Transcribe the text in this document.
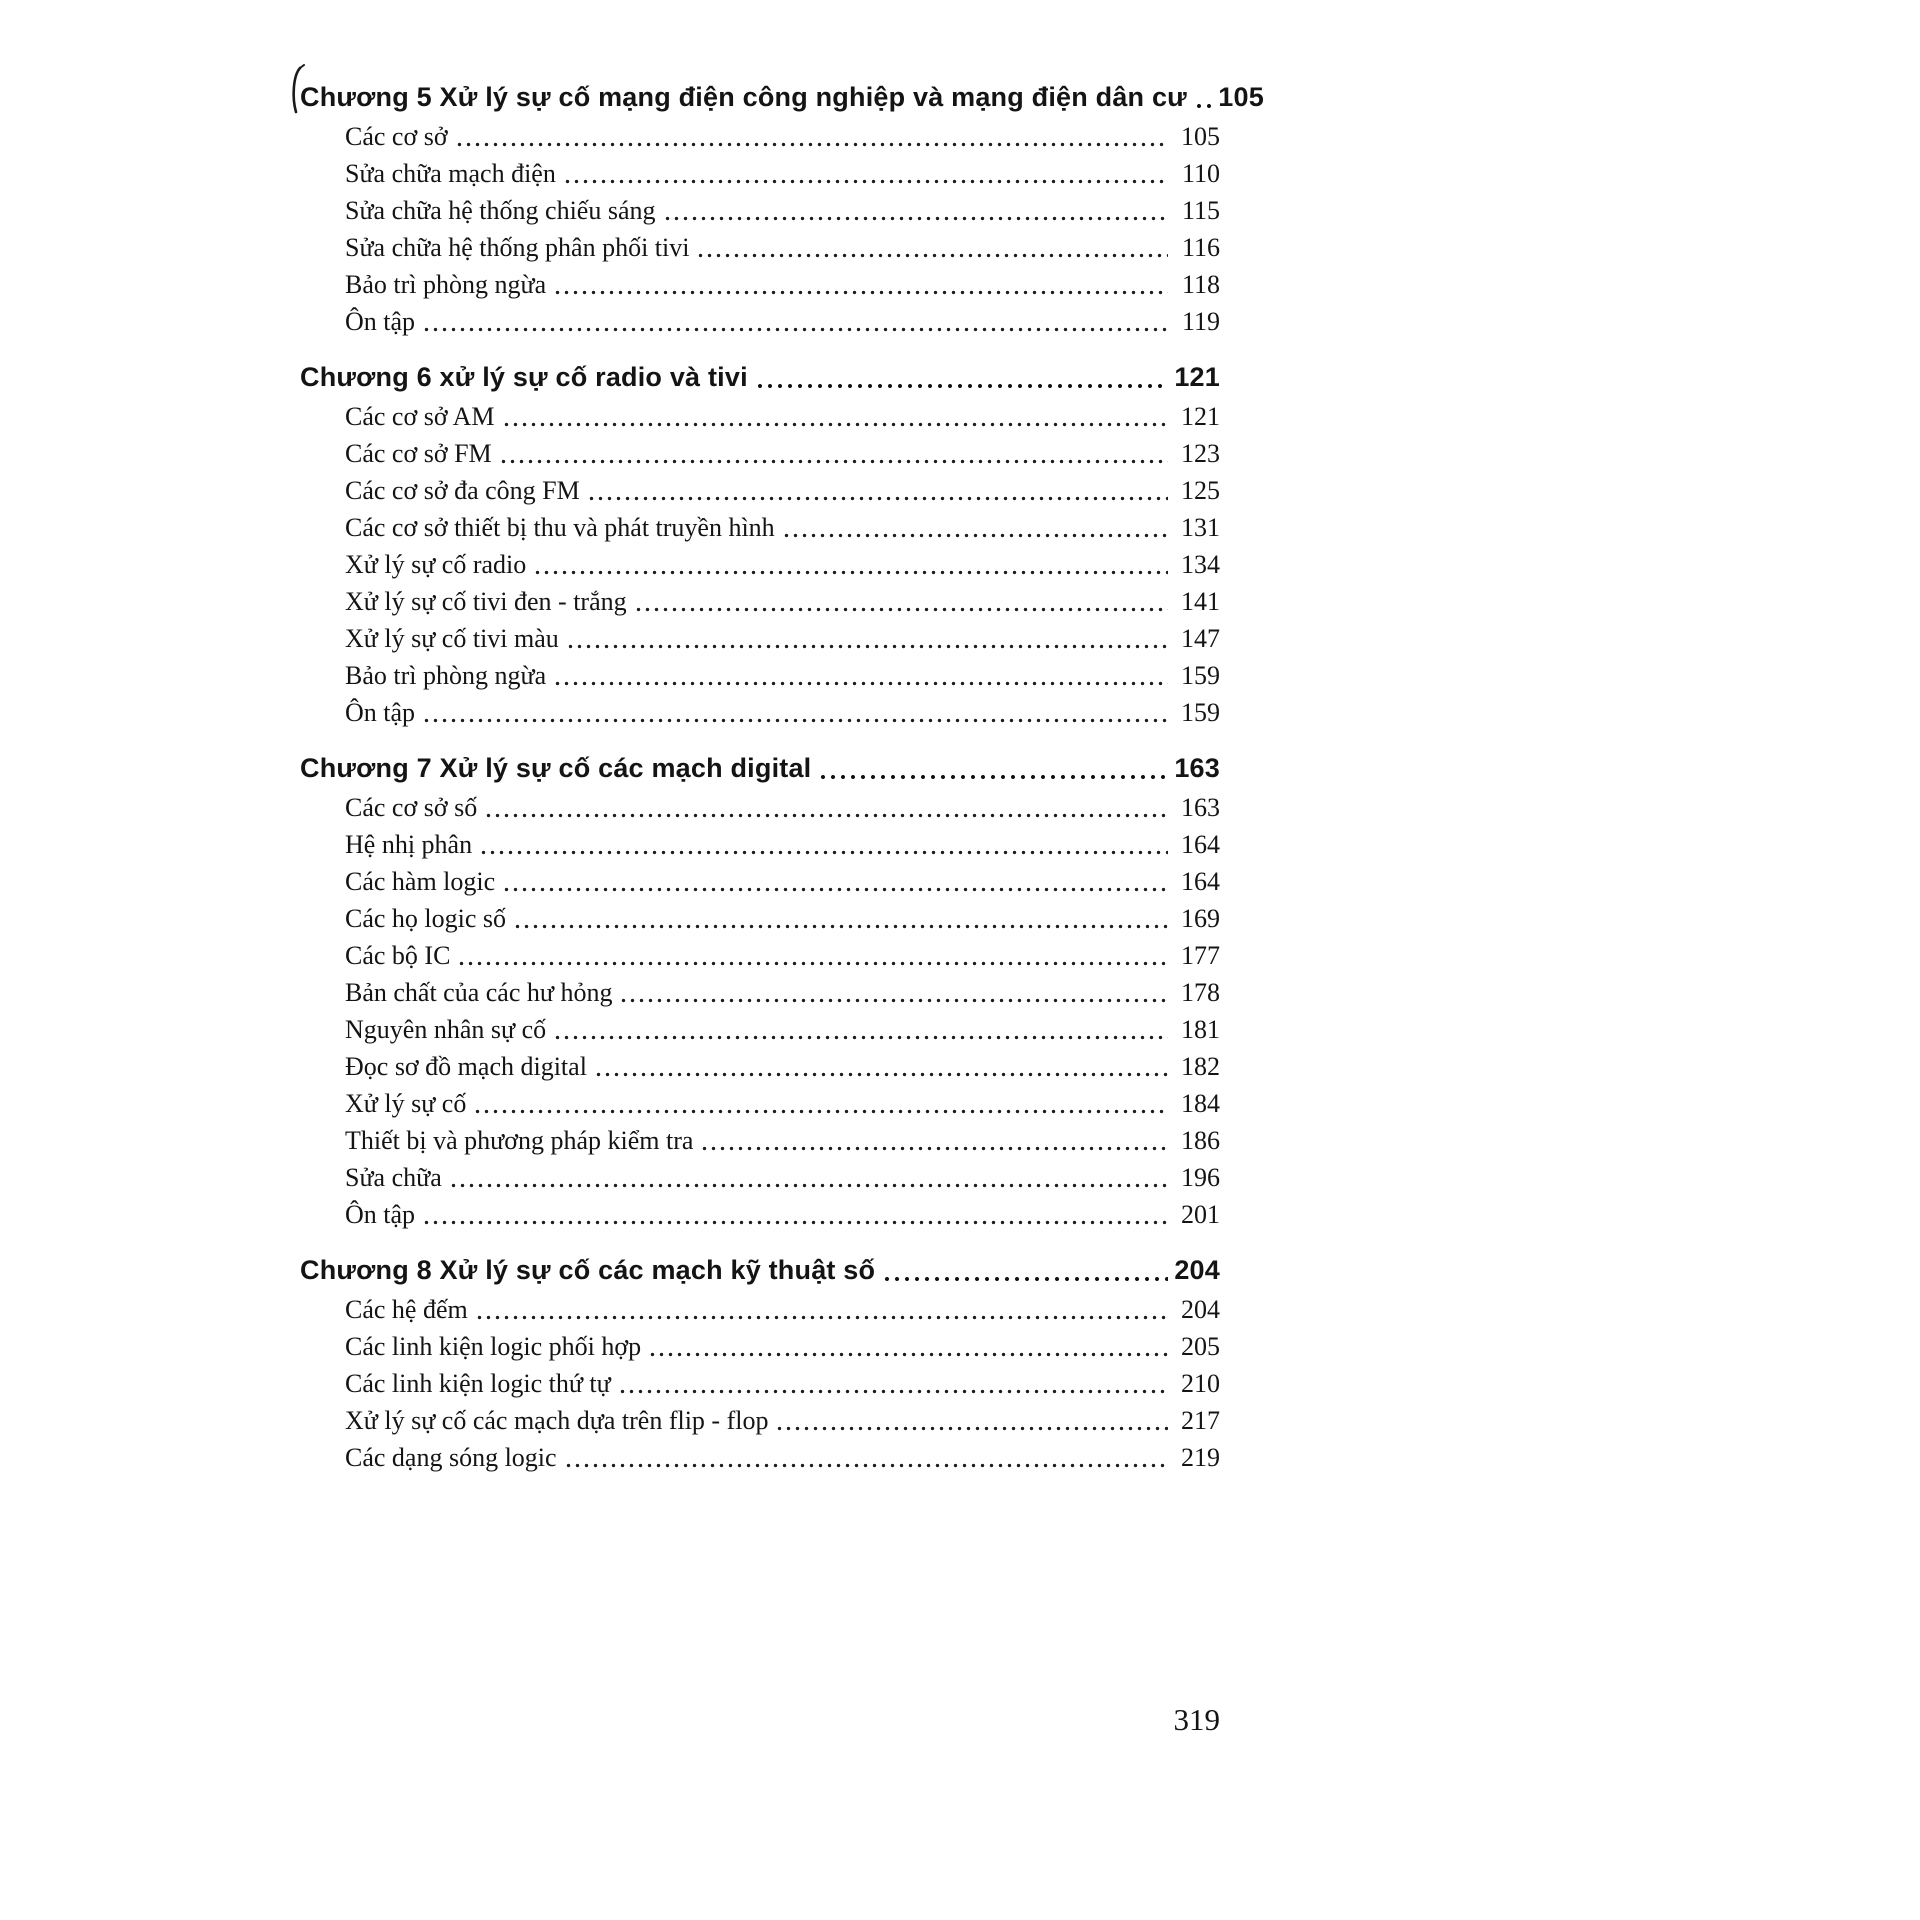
Chương 5 Xử lý sự cố mạng điện công nghiệp và mạng điện dân cư 105
Các cơ sở	105
Sửa chữa mạch điện	110
Sửa chữa hệ thống chiếu sáng	115
Sửa chữa hệ thống phân phối tivi	116
Bảo trì phòng ngừa	118
Ôn tập	119
Chương 6 xử lý sự cố radio và tivi	121
Các cơ sở AM	121
Các cơ sở FM	123
Các cơ sở đa công FM	125
Các cơ sở thiết bị thu và phát truyền hình	131
Xử lý sự cố radio	134
Xử lý sự cố tivi đen - trắng	141
Xử lý sự cố tivi màu	147
Bảo trì phòng ngừa	159
Ôn tập	159
Chương 7 Xử lý sự cố các mạch digital	163
Các cơ sở số	163
Hệ nhị phân	164
Các hàm logic	164
Các họ logic số	169
Các bộ IC	177
Bản chất của các hư hỏng	178
Nguyên nhân sự cố	181
Đọc sơ đồ mạch digital	182
Xử lý sự cố	184
Thiết bị và phương pháp kiểm tra	186
Sửa chữa	196
Ôn tập	201
Chương 8 Xử lý sự cố các mạch kỹ thuật số	204
Các hệ đếm	204
Các linh kiện logic phối hợp	205
Các linh kiện logic thứ tự	210
Xử lý sự cố các mạch dựa trên flip - flop	217
Các dạng sóng logic	219
319
